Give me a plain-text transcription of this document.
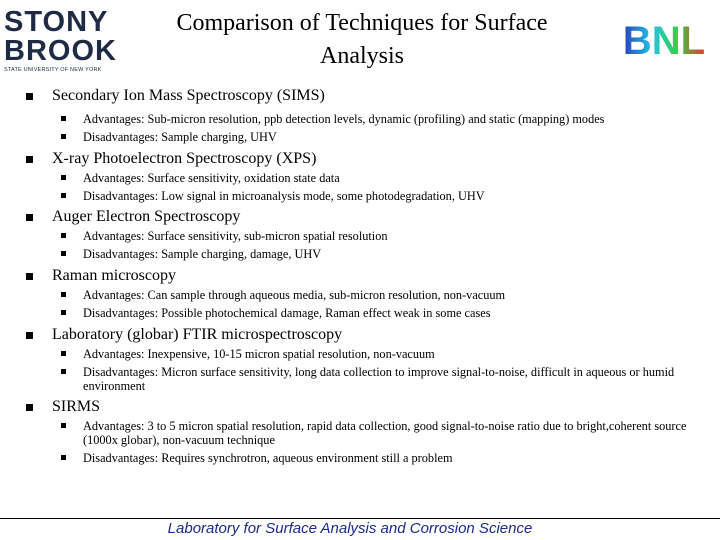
STONY
BROOK
STATE UNIVERSITY OF NEW YORK
Comparison of Techniques for Surface
Analysis	BNL
Secondary Ion Mass Spectroscopy (SIMS)
Advantages: Sub-micron resolution, ppb detection levels, dynamic (profiling) and static (mapping) modes
Disadvantages: Sample charging, UHV
X-ray Photoelectron Spectroscopy (XPS)
Advantages: Surface sensitivity, oxidation state data
Disadvantages: Low signal in microanalysis mode, some photodegradation, UHV
Auger Electron Spectroscopy
Advantages: Surface sensitivity, sub-micron spatial resolution
Disadvantages: Sample charging, damage, UHV
Raman microscopy
Advantages: Can sample through aqueous media, sub-micron resolution, non-vacuum
Disadvantages: Possible photochemical damage, Raman effect weak in some cases
Laboratory (globar) FTIR microspectroscopy
Advantages: Inexpensive, 10-15 micron spatial resolution, non-vacuum
Disadvantages: Micron surface sensitivity, long data collection to improve signal-to-noise, difficult in aqueous or humid environment
SIRMS
Advantages: 3 to 5 micron spatial resolution, rapid data collection, good signal-to-noise ratio due to bright,coherent source (1000x globar), non-vacuum technique
Disadvantages: Requires synchrotron, aqueous environment still a problem
Laboratory for Surface Analysis and Corrosion Science
